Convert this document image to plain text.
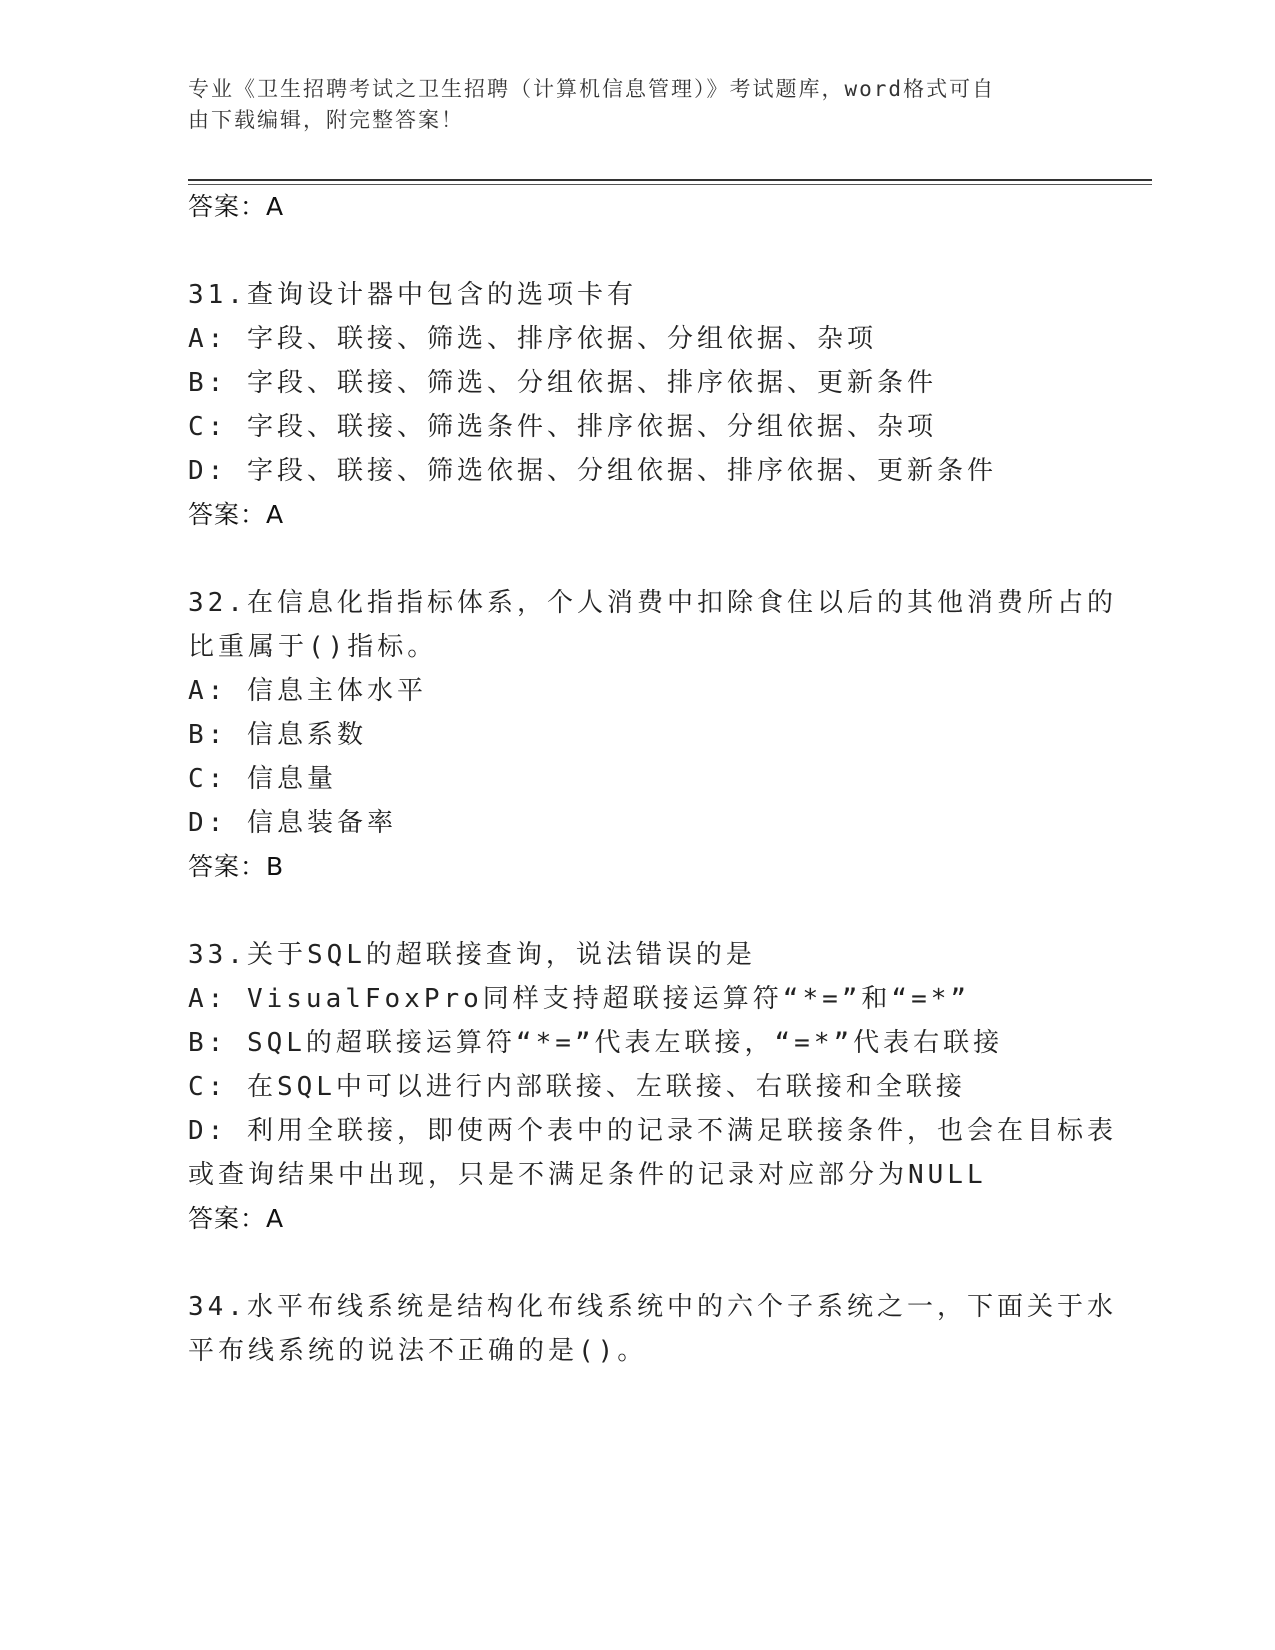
专业《卫生招聘考试之卫生招聘（计算机信息管理）》考试题库，word格式可自
由下载编辑，附完整答案！
答案：A
31.查询设计器中包含的选项卡有
A: 字段、联接、筛选、排序依据、分组依据、杂项
B: 字段、联接、筛选、分组依据、排序依据、更新条件
C: 字段、联接、筛选条件、排序依据、分组依据、杂项
D: 字段、联接、筛选依据、分组依据、排序依据、更新条件
答案：A
32.在信息化指指标体系，个人消费中扣除食住以后的其他消费所占的
比重属于()指标。
A: 信息主体水平
B: 信息系数
C: 信息量
D: 信息装备率
答案：B
33.关于SQL的超联接查询，说法错误的是
A: VisualFoxPro同样支持超联接运算符“*=”和“=*”
B: SQL的超联接运算符“*=”代表左联接，“=*”代表右联接
C: 在SQL中可以进行内部联接、左联接、右联接和全联接
D: 利用全联接，即使两个表中的记录不满足联接条件，也会在目标表
或查询结果中出现，只是不满足条件的记录对应部分为NULL
答案：A
34.水平布线系统是结构化布线系统中的六个子系统之一，下面关于水
平布线系统的说法不正确的是()。
